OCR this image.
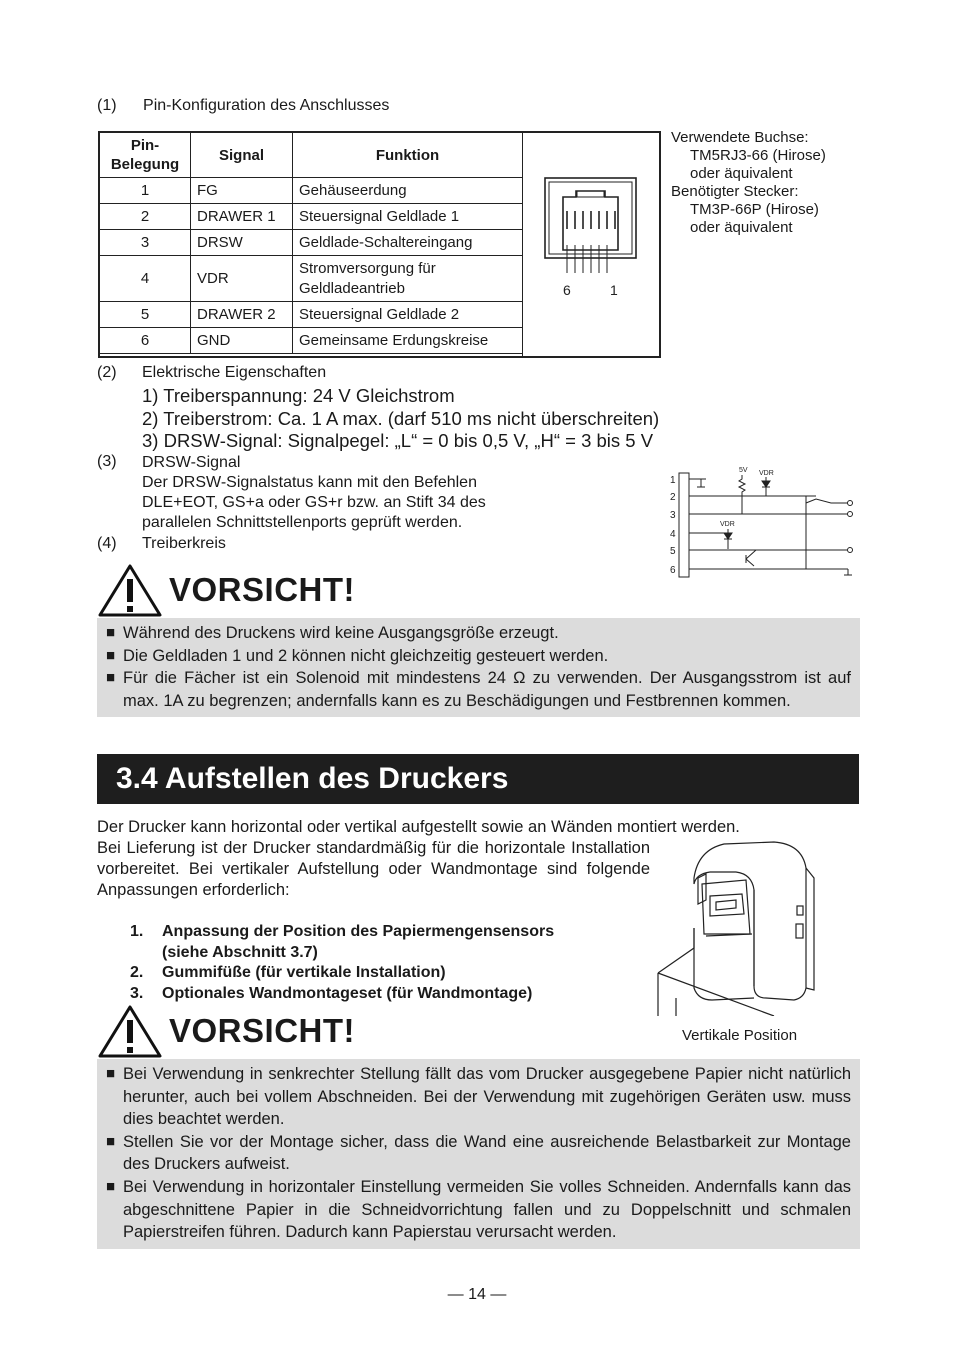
(1) Pin-Konfiguration des Anschlusses
Pin-
Belegung	Signal	Funktion
1	FG	Gehäuseerdung
2	DRAWER 1	Steuersignal Geldlade 1
3	DRSW	Geldlade-Schaltereingang
4	VDR	Stromversorgung für
Geldladeantrieb
5	DRAWER 2	Steuersignal Geldlade 2
6	GND	Gemeinsame Erdungskreise
6	1
Verwendete Buchse:
TM5RJ3-66 (Hirose)
oder äquivalent
Benötigter Stecker:
TM3P-66P (Hirose)
oder äquivalent
(2) Elektrische Eigenschaften
1) Treiberspannung: 24 V Gleichstrom
2) Treiberstrom: Ca. 1 A max. (darf 510 ms nicht überschreiten)
3) DRSW-Signal: Signalpegel: „L“ = 0 bis 0,5 V, „H“ = 3 bis 5 V
(3) DRSW-Signal
Der DRSW-Signalstatus kann mit den Befehlen
DLE+EOT, GS+a oder GS+r bzw. an Stift 34 des
parallelen Schnittstellenports geprüft werden.
(4) Treiberkreis
1
2
3
4
5
6
5V VDR
VDR
VORSICHT!
■ Während des Druckens wird keine Ausgangsgröße erzeugt.
■ Die Geldladen 1 und 2 können nicht gleichzeitig gesteuert werden.
■ Für die Fächer ist ein Solenoid mit mindestens 24 Ω zu verwenden. Der Ausgangsstrom ist auf max. 1A zu begrenzen; andernfalls kann es zu Beschädigungen und Festbrennen kommen.
3.4 Aufstellen des Druckers
Der Drucker kann horizontal oder vertikal aufgestellt sowie an Wänden montiert werden.
Bei Lieferung ist der Drucker standardmäßig für die horizontale Installation vorbereitet. Bei vertikaler Aufstellung oder Wandmontage sind folgende Anpassungen erforderlich:
1.	Anpassung der Position des Papiermengensensors
(siehe Abschnitt 3.7)
2.	Gummifüße (für vertikale Installation)
3.	Optionales Wandmontageset (für Wandmontage)
Vertikale Position
VORSICHT!
■ Bei Verwendung in senkrechter Stellung fällt das vom Drucker ausgegebene Papier nicht natürlich herunter, auch bei vollem Abschneiden. Bei der Verwendung mit zugehörigen Geräten usw. muss dies beachtet werden.
■ Stellen Sie vor der Montage sicher, dass die Wand eine ausreichende Belastbarkeit zur Montage des Druckers aufweist.
■ Bei Verwendung in horizontaler Einstellung vermeiden Sie volles Schneiden. Andernfalls kann das abgeschnittene Papier in die Schneidvorrichtung fallen und zu Doppelschnitt und schmalen Papierstreifen führen. Dadurch kann Papierstau verursacht werden.
— 14 —
